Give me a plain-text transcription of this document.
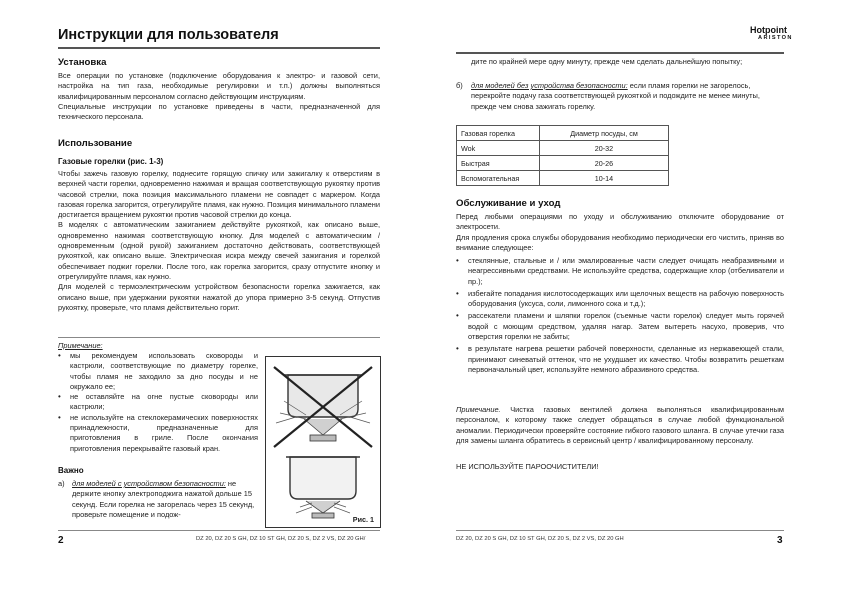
Инструкции для пользователя
Установка

Все операции по установке (подключение оборудования к электро- и газовой сети, настройка на тип газа, необходимые регулировки и т.п.) должны выполняться квалифицированным персоналом согласно действующим инструкциям.

Специальные инструкции по установке приведены в части, предназначенной для технического персонала.

Использование
Газовые горелки (рис. 1-3)

Чтобы зажечь газовую горелку, поднесите горящую спичку или зажигалку к отверстиям в верхней части горелки, одновременно нажимая и вращая соответствующую рукоятку против часовой стрелки, пока позиция максимального пламени не совпадет с маркером. Когда газовая горелка загорится, отрегулируйте пламя, как нужно. Позиция минимального пламени достигается вращением рукоятки против часовой стрелки до конца.

В моделях с автоматическим зажиганием действуйте рукояткой, как описано выше, одновременно нажимая соответствующую кнопку. Для моделей с автоматическим / одновременным (одной рукой) зажиганием достаточно действовать, соответствующей рукояткой, как описано выше. Электрическая искра между свечей зажигания и горелкой обеспечивает поджиг горелки. После того, как горелка загорится, сразу отпустите кнопку и отрегулируйте пламя, как нужно.

Для моделей с термоэлектрическим устройством безопасности горелка зажигается, как описано выше, при удержании рукоятки нажатой до упора примерно 3-5 секунд. Отпустив рукоятку, проверьте, что пламя действительно горит.

Примечание:
• мы рекомендуем использовать сковороды и кастрюли, соответствующие по диаметру горелке, чтобы пламя не заходило за дно посуды и не окружало ее;
• не оставляйте на огне пустые сковороды или кастрюли;
• не используйте на стеклокерамических поверхностях принадлежности, предназначенные для приготовления в гриле. После окончания приготовления перекрывайте газовый кран.
Важно
а) для моделей с устройством безопасности: не держите кнопку электроподжига нажатой дольше 15 секунд. Если горелка не загорелась через 15 секунд, проверьте помещение и подож-
Рис. 1
2	DZ 20, DZ 20 S GH, DZ 10 ST GH, DZ 20 S, DZ 2 VS, DZ 20 GH/
Hotpoint
ARISTON
дите по крайней мере одну минуту, прежде чем сделать дальнейшую попытку;
б) для моделей без устройства безопасности: если пламя горелки не загорелось, перекройте подачу газа соответствующей рукояткой и подождите не менее минуты, прежде чем снова зажигать горелку.
Газовая горелка	Диаметр посуды, см
Wok	20-32
Быстрая	20-26
Вспомогательная	10-14
Обслуживание и уход

Перед любыми операциями по уходу и обслуживанию отключите оборудование от электросети.

Для продления срока службы оборудования необходимо периодически его чистить, приняв во внимание следующее:

• стеклянные, стальные и / или эмалированные части следует очищать неабразивными и неагрессивными средствами. Не используйте средства, содержащие хлор (отбеливатели и пр.);
• избегайте попадания кислотосодержащих или щелочных веществ на рабочую поверхность оборудования (уксуса, соли, лимонного сока и т.д.);
• рассекатели пламени и шляпки горелок (съемные части горелок) следует мыть горячей водой с моющим средством, удаляя нагар. Затем вытереть насухо, проверив, что отверстия горелки не забиты;
• в результате нагрева решетки рабочей поверхности, сделанные из нержавеющей стали, принимают синеватый оттенок, что не ухудшает их качество. Чтобы возвратить решеткам первоначальный цвет, используйте немного абразивного средства.
Примечание. Чистка газовых вентилей должна выполняться квалифицированным персоналом, к которому также следует обращаться в случае любой функциональной аномалии. Периодически проверяйте состояние гибкого газового шланга. В случае утечки газа для замены шланга обратитесь в сервисный центр / квалифицированному персоналу.
НЕ ИСПОЛЬЗУЙТЕ ПАРООЧИСТИТЕЛИ!
DZ 20, DZ 20 S GH, DZ 10 ST GH, DZ 20 S, DZ 2 VS, DZ 20 GH	3
